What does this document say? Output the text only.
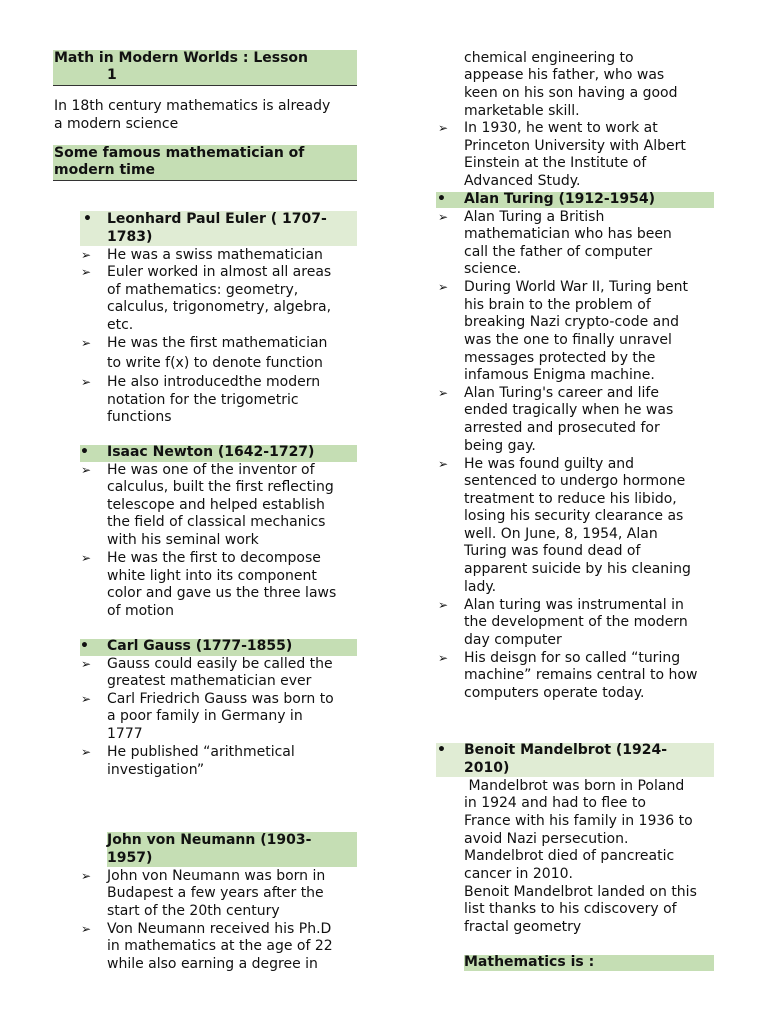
Math in Modern Worlds : Lesson
1
In 18th century mathematics is already
a modern science
Some famous mathematician of
modern time
• Leonhard Paul Euler ( 1707-
1783)
➢ He was a swiss mathematician
➢ Euler worked in almost all areas
of mathematics: geometry,
calculus, trigonometry, algebra,
etc.
➢ He was the first mathematician
to write f(x) to denote function
➢ He also introducedthe modern
notation for the trigometric
functions
• Isaac Newton (1642-1727)
➢ He was one of the inventor of
calculus, built the first reflecting
telescope and helped establish
the field of classical mechanics
with his seminal work
➢ He was the first to decompose
white light into its component
color and gave us the three laws
of motion
• Carl Gauss (1777-1855)
➢ Gauss could easily be called the
greatest mathematician ever
➢ Carl Friedrich Gauss was born to
a poor family in Germany in
1777
➢ He published “arithmetical
investigation”
John von Neumann (1903-
1957)
➢ John von Neumann was born in
Budapest a few years after the
start of the 20th century
➢ Von Neumann received his Ph.D
in mathematics at the age of 22
while also earning a degree in
chemical engineering to
appease his father, who was
keen on his son having a good
marketable skill.
➢ In 1930, he went to work at
Princeton University with Albert
Einstein at the Institute of
Advanced Study.
• Alan Turing (1912-1954)
➢ Alan Turing a British
mathematician who has been
call the father of computer
science.
➢ During World War II, Turing bent
his brain to the problem of
breaking Nazi crypto-code and
was the one to finally unravel
messages protected by the
infamous Enigma machine.
➢ Alan Turing's career and life
ended tragically when he was
arrested and prosecuted for
being gay.
➢ He was found guilty and
sentenced to undergo hormone
treatment to reduce his libido,
losing his security clearance as
well. On June, 8, 1954, Alan
Turing was found dead of
apparent suicide by his cleaning
lady.
➢ Alan turing was instrumental in
the development of the modern
day computer
➢ His deisgn for so called “turing
machine” remains central to how
computers operate today.
• Benoit Mandelbrot (1924-
2010)
Mandelbrot was born in Poland
in 1924 and had to flee to
France with his family in 1936 to
avoid Nazi persecution.
Mandelbrot died of pancreatic
cancer in 2010.
Benoit Mandelbrot landed on this
list thanks to his cdiscovery of
fractal geometry
Mathematics is :
